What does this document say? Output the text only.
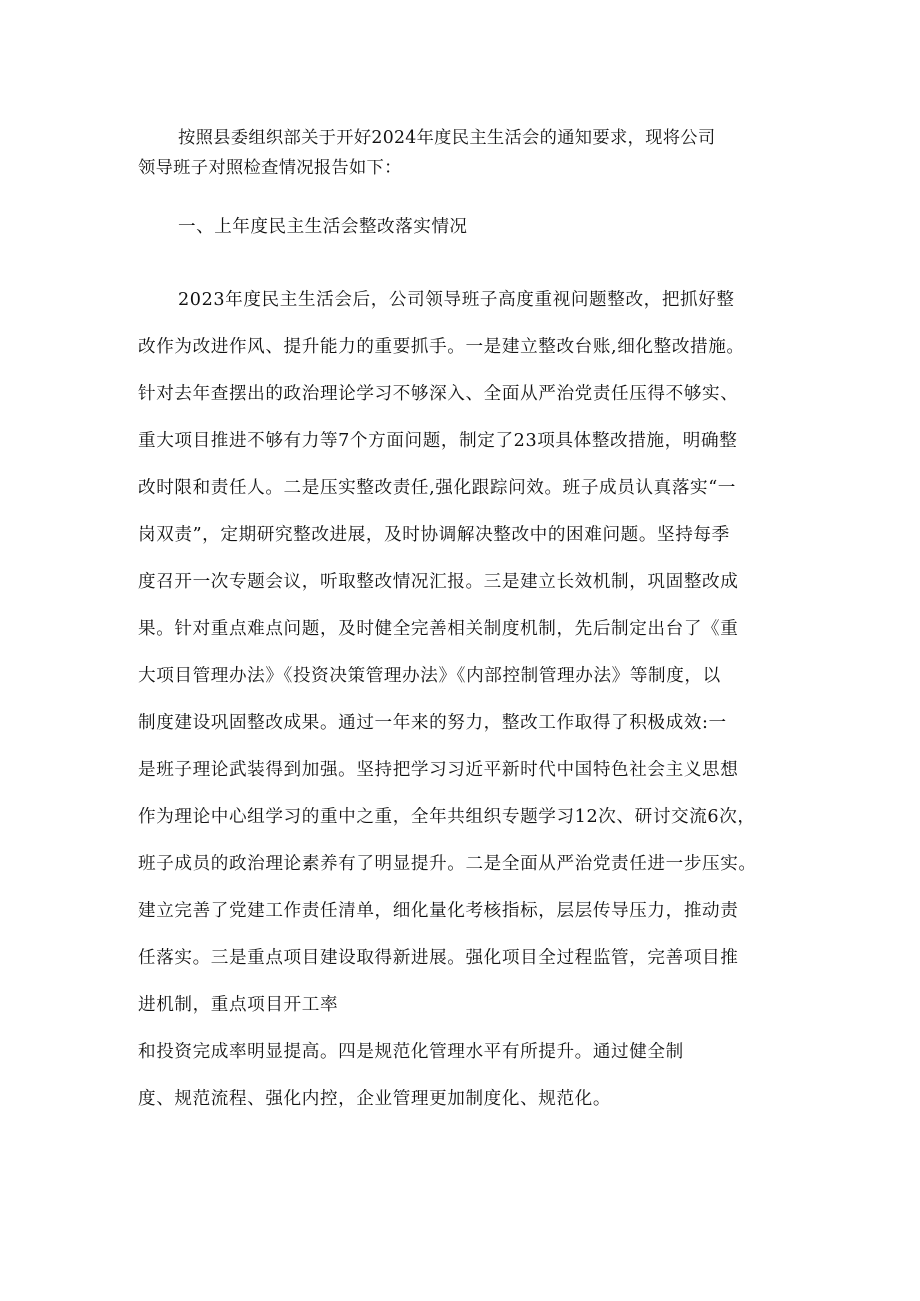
按照县委组织部关于开好2024年度民主生活会的通知要求，现将公司
领导班子对照检查情况报告如下：
一、上年度民主生活会整改落实情况
2023年度民主生活会后，公司领导班子高度重视问题整改，把抓好整
改作为改进作风、提升能力的重要抓手。一是建立整改台账,细化整改措施。
针对去年查摆出的政治理论学习不够深入、全面从严治党责任压得不够实、
重大项目推进不够有力等7个方面问题，制定了23项具体整改措施，明确整
改时限和责任人。二是压实整改责任,强化跟踪问效。班子成员认真落实“一
岗双责”，定期研究整改进展，及时协调解决整改中的困难问题。坚持每季
度召开一次专题会议，听取整改情况汇报。三是建立长效机制，巩固整改成
果。针对重点难点问题，及时健全完善相关制度机制，先后制定出台了《重
大项目管理办法》《投资决策管理办法》《内部控制管理办法》等制度，以
制度建设巩固整改成果。通过一年来的努力，整改工作取得了积极成效:一
是班子理论武装得到加强。坚持把学习习近平新时代中国特色社会主义思想
作为理论中心组学习的重中之重，全年共组织专题学习12次、研讨交流6次，
班子成员的政治理论素养有了明显提升。二是全面从严治党责任进一步压实。
建立完善了党建工作责任清单，细化量化考核指标，层层传导压力，推动责
任落实。三是重点项目建设取得新进展。强化项目全过程监管，完善项目推
进机制，重点项目开工率
和投资完成率明显提高。四是规范化管理水平有所提升。通过健全制
度、规范流程、强化内控，企业管理更加制度化、规范化。
